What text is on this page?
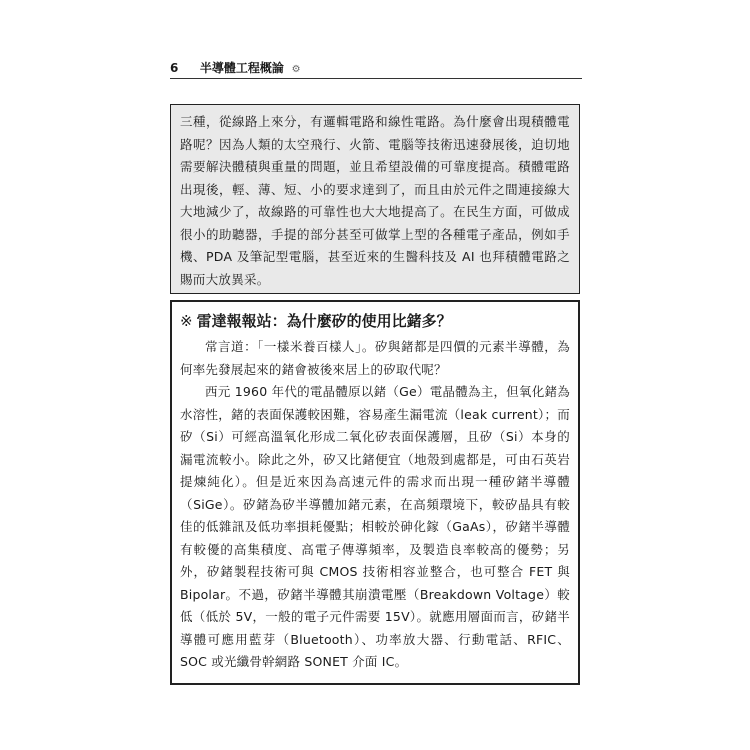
6 半導體工程概論 ⚙

三種，從線路上來分，有邏輯電路和線性電路。為什麼會出現積體電路呢？因為人類的太空飛行、火箭、電腦等技術迅速發展後，迫切地需要解決體積與重量的問題，並且希望設備的可靠度提高。積體電路出現後，輕、薄、短、小的要求達到了，而且由於元件之間連接線大大地減少了，故線路的可靠性也大大地提高了。在民生方面，可做成很小的助聽器，手提的部分甚至可做掌上型的各種電子產品，例如手機、PDA 及筆記型電腦，甚至近來的生醫科技及 AI 也拜積體電路之賜而大放異采。

※ 雷達報報站：為什麼矽的使用比鍺多？

常言道：「一樣米養百樣人」。矽與鍺都是四價的元素半導體，為何率先發展起來的鍺會被後來居上的矽取代呢？

西元 1960 年代的電晶體原以鍺（Ge）電晶體為主，但氧化鍺為水溶性，鍺的表面保護較困難，容易產生漏電流（leak current）；而矽（Si）可經高溫氧化形成二氧化矽表面保護層，且矽（Si）本身的漏電流較小。除此之外，矽又比鍺便宜（地殼到處都是，可由石英岩提煉純化）。但是近來因為高速元件的需求而出現一種矽鍺半導體（SiGe）。矽鍺為矽半導體加鍺元素，在高頻環境下，較矽晶具有較佳的低雜訊及低功率損耗優點；相較於砷化鎵（GaAs），矽鍺半導體有較優的高集積度、高電子傳導頻率，及製造良率較高的優勢；另外，矽鍺製程技術可與 CMOS 技術相容並整合，也可整合 FET 與 Bipolar。不過，矽鍺半導體其崩潰電壓（Breakdown Voltage）較低（低於 5V，一般的電子元件需要 15V）。就應用層面而言，矽鍺半導體可應用藍芽（Bluetooth）、功率放大器、行動電話、RFIC、SOC 或光纖骨幹網路 SONET 介面 IC。
